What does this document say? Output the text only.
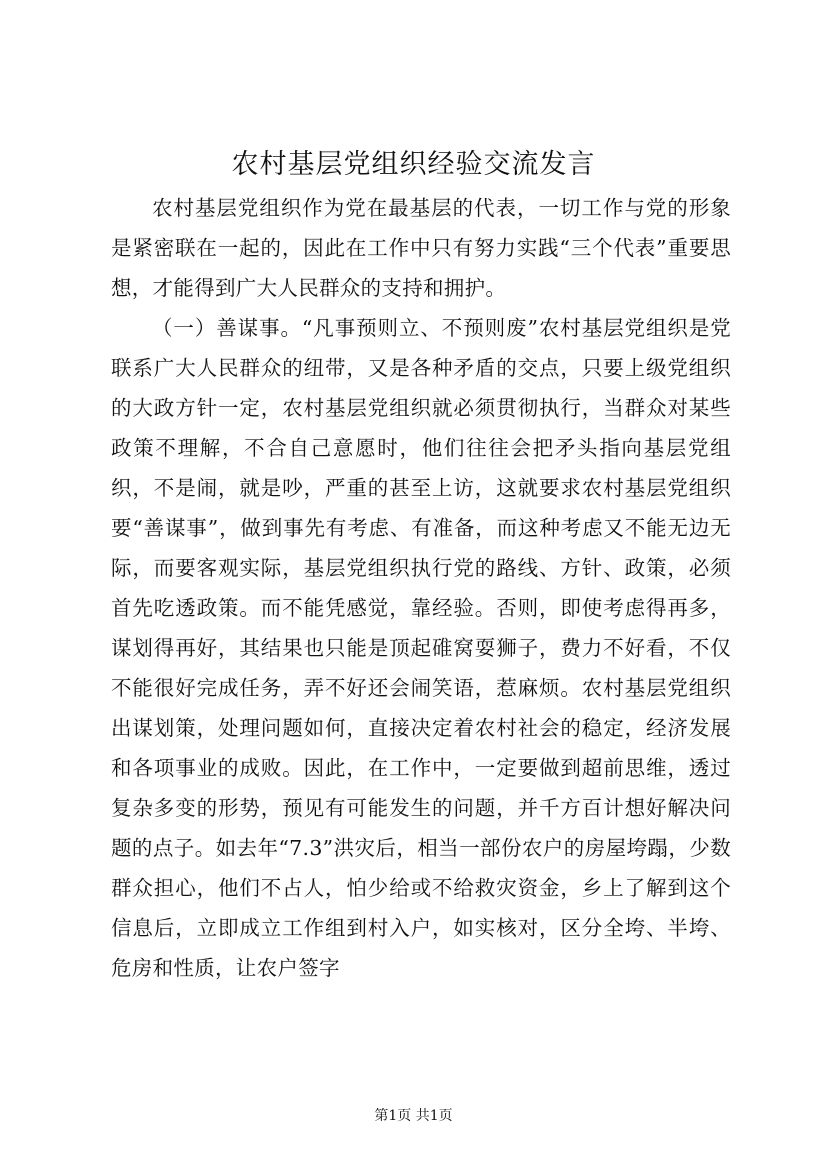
农村基层党组织经验交流发言

农村基层党组织作为党在最基层的代表，一切工作与党的形象是紧密联在一起的，因此在工作中只有努力实践“三个代表”重要思想，才能得到广大人民群众的支持和拥护。

（一）善谋事。“凡事预则立、不预则废”农村基层党组织是党联系广大人民群众的纽带，又是各种矛盾的交点，只要上级党组织的大政方针一定，农村基层党组织就必须贯彻执行，当群众对某些政策不理解，不合自己意愿时，他们往往会把矛头指向基层党组织，不是闹，就是吵，严重的甚至上访，这就要求农村基层党组织要“善谋事”，做到事先有考虑、有准备，而这种考虑又不能无边无际，而要客观实际，基层党组织执行党的路线、方针、政策，必须首先吃透政策。而不能凭感觉，靠经验。否则，即使考虑得再多，谋划得再好，其结果也只能是顶起碓窝耍狮子，费力不好看，不仅不能很好完成任务，弄不好还会闹笑语，惹麻烦。农村基层党组织出谋划策，处理问题如何，直接决定着农村社会的稳定，经济发展和各项事业的成败。因此，在工作中，一定要做到超前思维，透过复杂多变的形势，预见有可能发生的问题，并千方百计想好解决问题的点子。如去年“7.3”洪灾后，相当一部份农户的房屋垮蹋，少数群众担心，他们不占人，怕少给或不给救灾资金，乡上了解到这个信息后，立即成立工作组到村入户，如实核对，区分全垮、半垮、危房和性质，让农户签字

第1页 共1页
